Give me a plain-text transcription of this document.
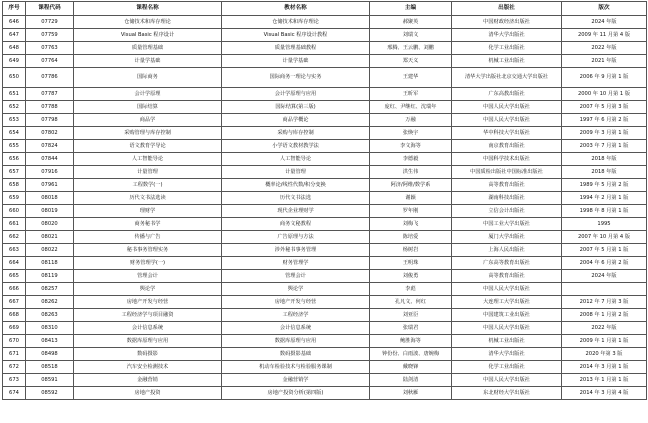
序号	课程代码	课程名称	教材名称	主编	出版社	版次
646	07729	仓储技术和库存理论	仓储技术和库存理论	郝聚英	中国财政经济出版社	2024 年版
647	07759	Visual Basic 程序设计	Visual Basic 程序设计教程	刘瑞文	清华大学出版社	2009 年 11 月第 4 版
648	07763	质量管理基础	质量管理基础教程	邢腾、王云鹏、刘鹏	化学工业出版社	2022 年版
649	07764	计量学基础	计量学基础	郑天义	机械工业出版社	2021 年版
650	07786	国际商务	国际商务一理论与实务	王建华	清华大学出版社北京交通大学出版社	2006 年 9 月第 1 版
651	07787	会计学原理	会计学原理与应用	王昕军	广东高教出版社	2000 年 10 月第 1 版
652	07788	国际结算	国际结算(第三版)	庞红、尹继红、沈瑞年	中国人民大学出版社	2007 年 5 月第 3 版
653	07798	商品学	商品学概论	万融	中国人民大学出版社	1997 年 6 月第 2 版
654	07802	采购管理与库存控制	采购与库存控制	张焕宇	华中科技大学出版社	2009 年 3 月第 1 版
655	07824	语文教育学导论	小学语文教材教学法	李文海等	南京教育出版社	2003 年 7 月第 1 版
656	07844	人工智能导论	人工智能导论	李德毅	中国科学技术出版社	2018 年版
657	07916	计量管理	计量管理	洪生伟	中国质检出版社中国标准出版社	2018 年版
658	07961	工程数学(一)	概率论/线性代数/积分变换	阿济/阿维/数学系	高等教育出版社	1989 年 5 月第 2 版
659	08018	历代文书法选读	历代文书法选	谢颖	湖南科技出版社	1994 年 2 月第 1 版
660	08019	理财学	现代企业理财学	罗年刚	立信会计出版社	1998 年 8 月第 1 版
661	08020	商务秘书学	商务文秘教程	刘梅飞	中国工业大学出版社	1995
662	08021	传播与广告	广告原理与方法	陈培爱	厦门大学出版社	2007 年 10 月第 4 版
663	08022	秘书事务管理实务	涉外秘书事务管理	杨树岩	上海人民出版社	2007 年 5 月第 1 版
664	08118	财务管理学(一)	财务管理学	王明珠	广东高等教育出版社	2004 年 6 月第 2 版
665	08119	管理会计	管理会计	刘俊勇	高等教育出版社	2024 年版
666	08257	舆论学	舆论学	李彪	中国人民大学出版社	
667	08262	房地产开发与经营	房地产开发与经营	孔凡文、何红	大连理工大学出版社	2012 年 7 月第 3 版
668	08263	工程经济学与项目融资	工程经济学	刘亚臣	中国建筑工业出版社	2008 年 1 月第 2 版
669	08310	会计信息系统	会计信息系统	张瑞君	中国人民大学出版社	2022 年版
670	08413	数据库原理与应用	数据库原理与应用	鲍胜海等	机械工业出版社	2009 年 1 月第 1 版
671	08498	数码摄影	数码摄影基础	钟份份、白雨波、唐婉梅	清华大学出版社	2020 年第 3 版
672	08518	汽车安全检测技术	机动车检验技术与检验服务课制	戴晓锋	化学工业出版社	2014 年 3 月第 1 版
673	08591	金融营销	金融营销学	陆剑清	中国人民大学出版社	2013 年 1 月第 1 版
674	08592	房地产投资	房地产投资分析(第四版)	刘秋雁	东北财经大学出版社	2014 年 3 月第 4 版
